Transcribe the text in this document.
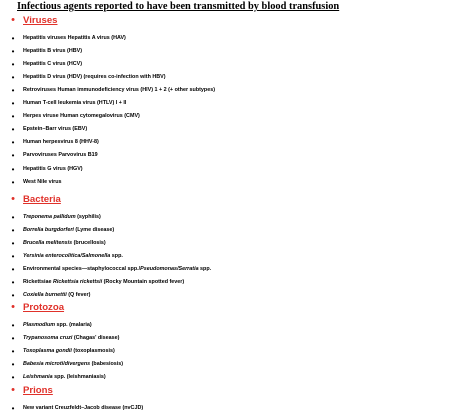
Infectious agents reported to have been transmitted by blood transfusion
• Viruses
•	Hepatitis viruses Hepatitis A virus (HAV)
•	Hepatitis B virus (HBV)
•	Hepatitis C virus (HCV)
•	Hepatitis D virus (HDV) (requires co-infection with HBV)
•	Retroviruses Human immunodeficiency virus (HIV) 1 + 2 (+ other subtypes)
•	Human T-cell leukemia virus (HTLV) I + II
•	Herpes viruse Human cytomegalovirus (CMV)
•	Epstein–Barr virus (EBV)
•	Human herpesvirus 8 (HHV-8)
•	Parvoviruses Parvovirus B19
•	Hepatitis G virus (HGV)
•	West Nile virus
• Bacteria
•	Treponema pallidum (syphilis)
•	Borrelia burgdorferi (Lyme disease)
•	Brucella melitensis (brucellosis)
•	Yersinia enterocolitica/Salmonella spp.
•	Environmental species—staphylococcal spp./Pseudomonas/Serratia spp.
•	Rickettsiae Rickettsia rickettsii (Rocky Mountain spotted fever)
•	Coxiella burnettii (Q fever)
• Protozoa
•	Plasmodium spp. (malaria)
•	Trypanosoma cruzi (Chagas' disease)
•	Toxoplasma gondii (toxoplasmosis)
•	Babesia microti/divergens (babesiosis)
•	Leishmania spp. (leishmaniasis)
• Prions
•	New variant Creuzfeldt–Jacob disease (nvCJD)
